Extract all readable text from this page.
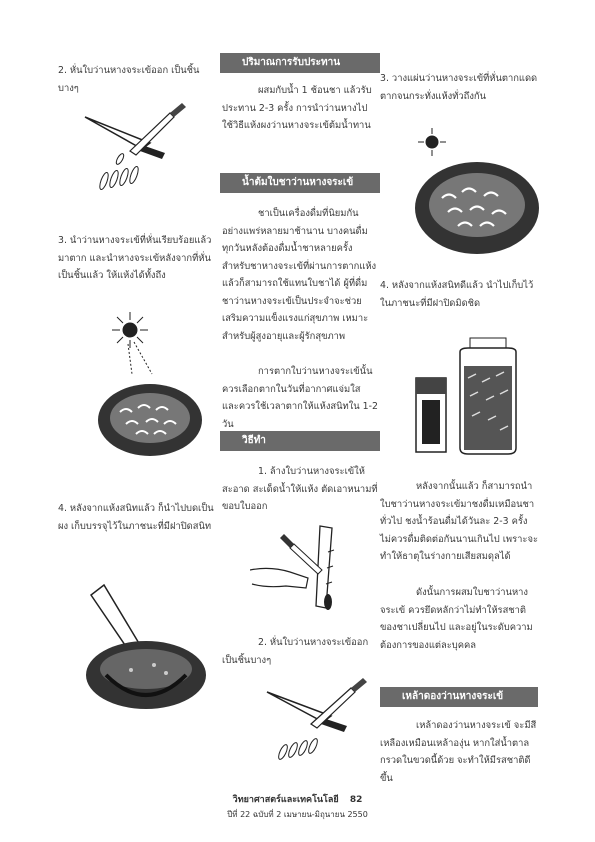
2. หั่นใบว่านหางจระเข้ออก เป็นชิ้นบางๆ
3. นำว่านหางจระเข้ที่หั่นเรียบร้อยแล้วมาตาก และนำหางจระเข้หลังจากที่หั่นเป็นชิ้นแล้ว ให้แห้งได้ทั้งถึง
4. หลังจากแห้งสนิทแล้ว ก็นำไปบดเป็นผง เก็บบรรจุไว้ในภาชนะที่มีฝาปิดสนิท
ปริมาณการรับประทาน
ผสมกับน้ำ 1 ช้อนชา แล้วรับประทาน 2-3 ครั้ง การนำว่านหางไปใช้วิธีแห้งผงว่านหางจระเข้ต้มน้ำทาน
น้ำต้มใบชาว่านหางจระเข้
ชาเป็นเครื่องดื่มที่นิยมกันอย่างแพร่หลายมาช้านาน บางคนดื่มทุกวันหลังต้องดื่มน้ำชาหลายครั้ง สำหรับชาหางจระเข้ที่ผ่านการตากแห้งแล้วก็สามารถใช้แทนใบชาได้ ผู้ที่ดื่มชาว่านหางจระเข้เป็นประจำจะช่วยเสริมความแข็งแรงแก่สุขภาพ เหมาะสำหรับผู้สูงอายุและผู้รักสุขภาพ
การตากใบว่านหางจระเข้นั้น ควรเลือกตากในวันที่อากาศแจ่มใส และควรใช้เวลาตากให้แห้งสนิทใน 1-2 วัน
วิธีทำ
1. ล้างใบว่านหางจระเข้ให้สะอาด สะเด็ดน้ำให้แห้ง ตัดเอาหนามที่ขอบใบออก
2. หั่นใบว่านหางจระเข้ออก เป็นชิ้นบางๆ
3. วางแผ่นว่านหางจระเข้ที่หั่นตากแดด ตากจนกระทั่งแห้งทั่วถึงกัน
4. หลังจากแห้งสนิทดีแล้ว นำไปเก็บไว้ในภาชนะที่มีฝาปิดมิดชิด
หลังจากนั้นแล้ว ก็สามารถนำใบชาว่านหางจระเข้มาชงดื่มเหมือนชาทั่วไป ชงน้ำร้อนดื่มได้วันละ 2-3 ครั้ง ไม่ควรดื่มติดต่อกันนานเกินไป เพราะจะทำให้ธาตุในร่างกายเสียสมดุลได้
ดังนั้นการผสมใบชาว่านหางจระเข้ ควรยึดหลักว่าไม่ทำให้รสชาติของชาเปลี่ยนไป และอยู่ในระดับความต้องการของแต่ละบุคคล
เหล้าดองว่านหางจระเข้
เหล้าดองว่านหางจระเข้ จะมีสีเหลืองเหมือนเหล้าองุ่น หากใส่น้ำตาลกรวดในขวดนี้ด้วย จะทำให้มีรสชาติดีขึ้น
วิทยาศาสตร์และเทคโนโลยี 82
ปีที่ 22 ฉบับที่ 2 เมษายน-มิถุนายน 2550
